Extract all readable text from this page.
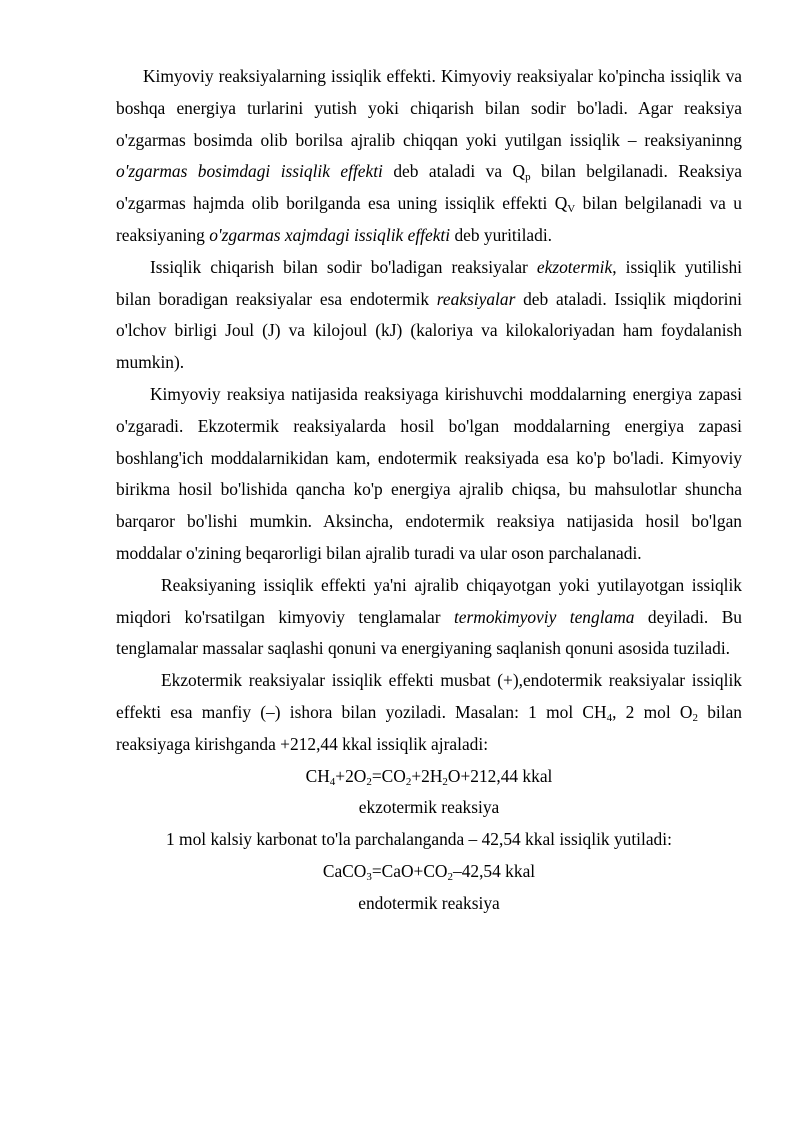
Kimyoviy reaksiyalarning issiqlik effekti. Kimyoviy reaksiyalar ko'pincha issiqlik va boshqa energiya turlarini yutish yoki chiqarish bilan sodir bo'ladi. Agar reaksiya o'zgarmas bosimda olib borilsa ajralib chiqqan yoki yutilgan issiqlik – reaksiyaninng o'zgarmas bosimdagi issiqlik effekti deb ataladi va $Q_p$ bilan belgilanadi. Reaksiya o'zgarmas hajmda olib borilganda esa uning issiqlik effekti $Q_V$ bilan belgilanadi va u reaksiyaning o'zgarmas xajmdagi issiqlik effekti deb yuritiladi.

Issiqlik chiqarish bilan sodir bo'ladigan reaksiyalar ekzotermik, issiqlik yutilishi bilan boradigan reaksiyalar esa endotermik reaksiyalar deb ataladi. Issiqlik miqdorini o'lchov birligi Joul (J) va kilojoul (kJ) (kaloriya va kilokaloriyadan ham foydalanish mumkin).

Kimyoviy reaksiya natijasida reaksiyaga kirishuvchi moddalarning energiya zapasi o'zgaradi. Ekzotermik reaksiyalarda hosil bo'lgan moddalarning energiya zapasi boshlang'ich moddalarnikidan kam, endotermik reaksiyada esa ko'p bo'ladi. Kimyoviy birikma hosil bo'lishida qancha ko'p energiya ajralib chiqsa, bu mahsulotlar shuncha barqaror bo'lishi mumkin. Aksincha, endotermik reaksiya natijasida hosil bo'lgan moddalar o'zining beqarorligi bilan ajralib turadi va ular oson parchalanadi.

Reaksiyaning issiqlik effekti ya'ni ajralib chiqayotgan yoki yutilayotgan issiqlik miqdori ko'rsatilgan kimyoviy tenglamalar termokimyoviy tenglama deyiladi. Bu tenglamalar massalar saqlashi qonuni va energiyaning saqlanish qonuni asosida tuziladi.

Ekzotermik reaksiyalar issiqlik effekti musbat (+),endotermik reaksiyalar issiqlik effekti esa manfiy (–) ishora bilan yoziladi. Masalan: 1 mol $CH_4$, 2 mol $O_2$ bilan reaksiyaga kirishganda +212,44 kkal issiqlik ajraladi:

$CH_4+2O_2=CO_2+2H_2O+212,44$ kkal

ekzotermik reaksiya

1 mol kalsiy karbonat to'la parchalanganda – 42,54 kkal issiqlik yutiladi:

$CaCO_3=CaO+CO_2-42,54$ kkal

endotermik reaksiya
